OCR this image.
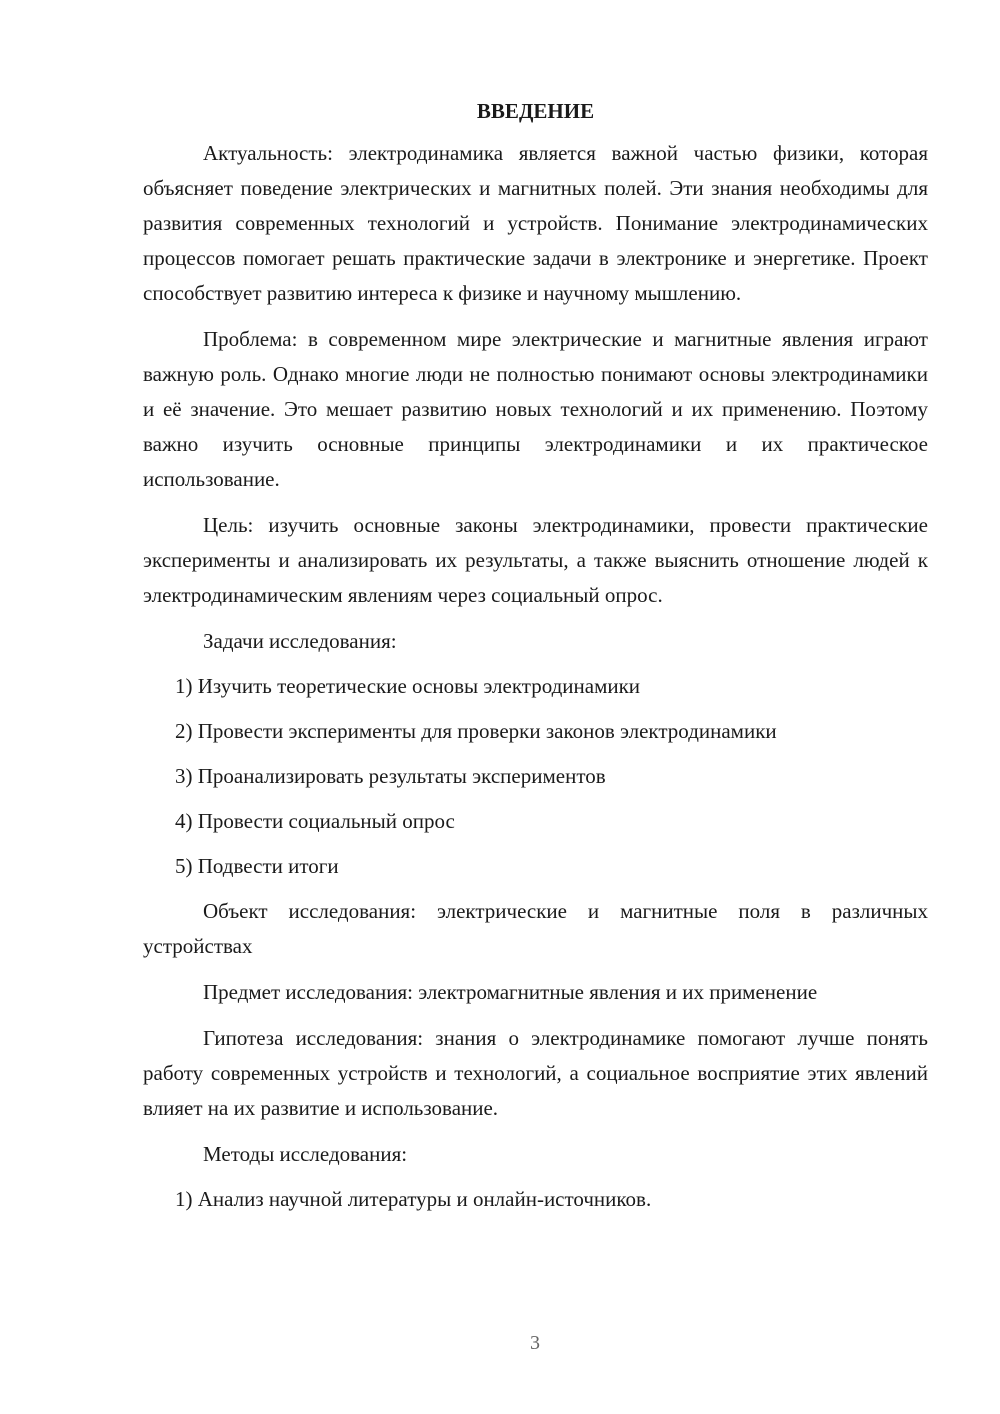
ВВЕДЕНИЕ
Актуальность: электродинамика является важной частью физики, которая объясняет поведение электрических и магнитных полей. Эти знания необходимы для развития современных технологий и устройств. Понимание электродинамических процессов помогает решать практические задачи в электронике и энергетике. Проект способствует развитию интереса к физике и научному мышлению.
Проблема: в современном мире электрические и магнитные явления играют важную роль. Однако многие люди не полностью понимают основы электродинамики и её значение. Это мешает развитию новых технологий и их применению. Поэтому важно изучить основные принципы электродинамики и их практическое использование.
Цель: изучить основные законы электродинамики, провести практические эксперименты и анализировать их результаты, а также выяснить отношение людей к электродинамическим явлениям через социальный опрос.
Задачи исследования:
1) Изучить теоретические основы электродинамики
2) Провести эксперименты для проверки законов электродинамики
3) Проанализировать результаты экспериментов
4) Провести социальный опрос
5) Подвести итоги
Объект исследования: электрические и магнитные поля в различных устройствах
Предмет исследования: электромагнитные явления и их применение
Гипотеза исследования: знания о электродинамике помогают лучше понять работу современных устройств и технологий, а социальное восприятие этих явлений влияет на их развитие и использование.
Методы исследования:
1) Анализ научной литературы и онлайн-источников.
3
